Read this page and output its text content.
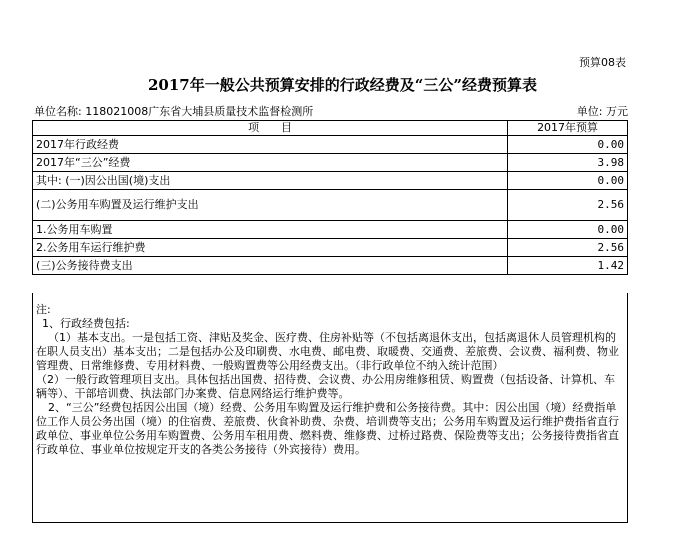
预算08表
2017年一般公共预算安排的行政经费及“三公”经费预算表
单位名称: 118021008广东省大埔县质量技术监督检测所	单位: 万元
项　　目	2017年预算
2017年行政经费	0.00
2017年“三公”经费	3.98
其中: (一)因公出国(境)支出	0.00
(二)公务用车购置及运行维护支出	2.56
1.公务用车购置	0.00
2.公务用车运行维护费	2.56
(三)公务接待费支出	1.42

注:

1、行政经费包括:

（1）基本支出。一是包括工资、津贴及奖金、医疗费、住房补贴等（不包括离退休支出，包括离退休人员管理机构的在职人员支出）基本支出；二是包括办公及印刷费、水电费、邮电费、取暖费、交通费、差旅费、会议费、福利费、物业管理费、日常维修费、专用材料费、一般购置费等公用经费支出。（非行政单位不纳入统计范围）

（2）一般行政管理项目支出。具体包括出国费、招待费、会议费、办公用房维修租赁、购置费（包括设备、计算机、车辆等）、干部培训费、执法部门办案费、信息网络运行维护费等。

2、“三公”经费包括因公出国（境）经费、公务用车购置及运行维护费和公务接待费。其中：因公出国（境）经费指单位工作人员公务出国（境）的住宿费、差旅费、伙食补助费、杂费、培训费等支出；公务用车购置及运行维护费指省直行政单位、事业单位公务用车购置费、公务用车租用费、燃料费、维修费、过桥过路费、保险费等支出；公务接待费指省直行政单位、事业单位按规定开支的各类公务接待（外宾接待）费用。
